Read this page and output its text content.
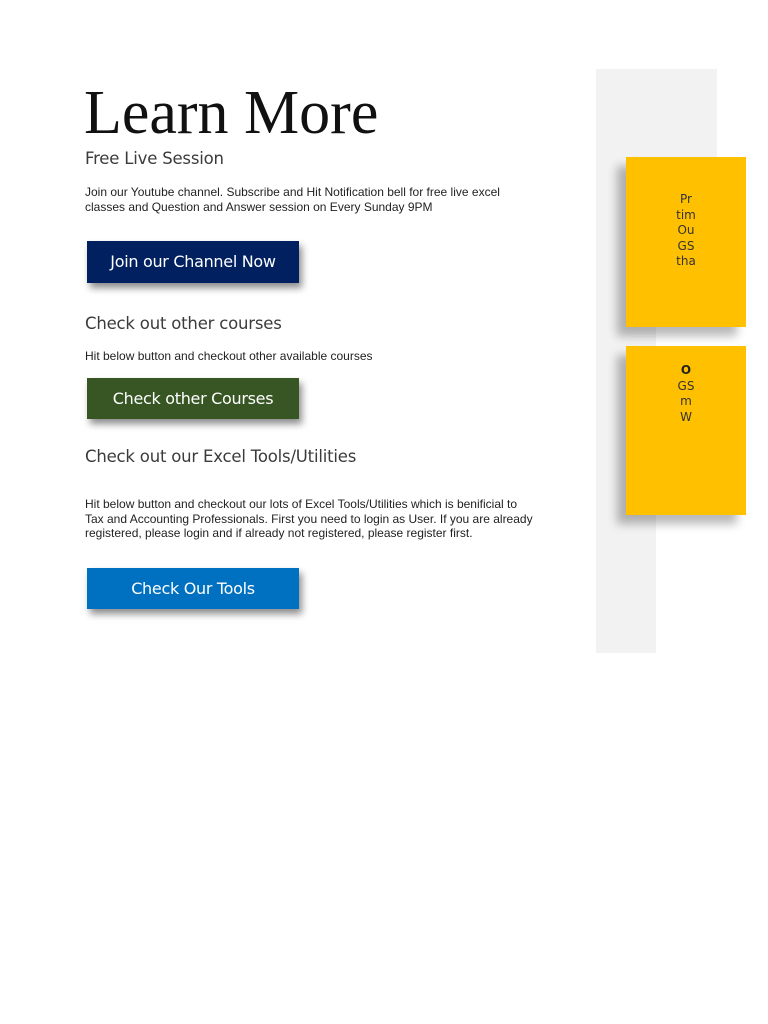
Learn More
Free Live Session

Join our Youtube channel. Subscribe and Hit Notification bell for free live excel classes and Question and Answer session on Every Sunday 9PM

Join our Channel Now
Check out other courses

Hit below button and checkout other available courses

Check other Courses
Check out our Excel Tools/Utilities

Hit below button and checkout our lots of Excel Tools/Utilities which is benificial to Tax and Accounting Professionals. First you need to login as User. If you are already registered, please login and if already not registered, please register first.

Check Our Tools
Pr
tim
Ou
GS
tha
O
GS
m
W
